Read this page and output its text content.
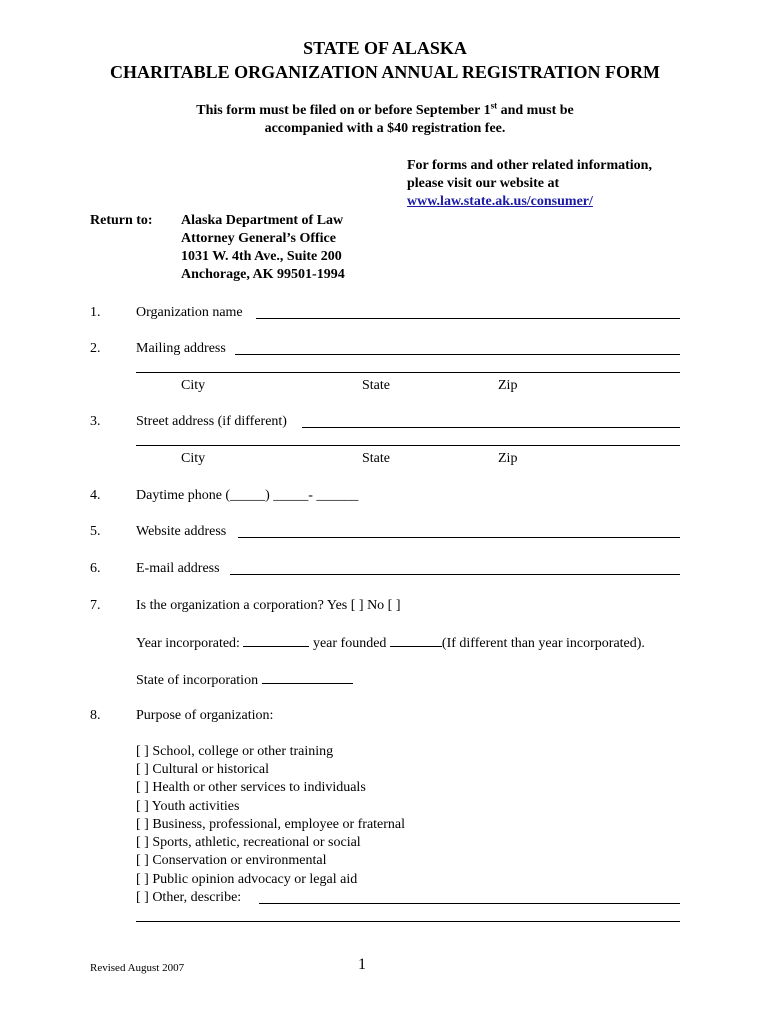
STATE OF ALASKA
CHARITABLE ORGANIZATION ANNUAL REGISTRATION FORM
This form must be filed on or before September 1st and must be
accompanied with a $40 registration fee.
For forms and other related information,
please visit our website at
www.law.state.ak.us/consumer/
Return to: Alaska Department of Law
Attorney General’s Office
1031 W. 4th Ave., Suite 200
Anchorage, AK 99501-1994
1.	Organization name
2.	Mailing address
City	State	Zip
3.	Street address (if different)
City	State	Zip
4.	Daytime phone (_____) _____- ______
5.	Website address
6.	E-mail address
7.	Is the organization a corporation? Yes [ ] No [ ]
Year incorporated:	year founded	(If different than year incorporated).
State of incorporation
8.	Purpose of organization:
[ ] School, college or other training
[ ] Cultural or historical
[ ] Health or other services to individuals
[ ] Youth activities
[ ] Business, professional, employee or fraternal
[ ] Sports, athletic, recreational or social
[ ] Conservation or environmental
[ ] Public opinion advocacy or legal aid
[ ] Other, describe:
Revised August 2007	1
